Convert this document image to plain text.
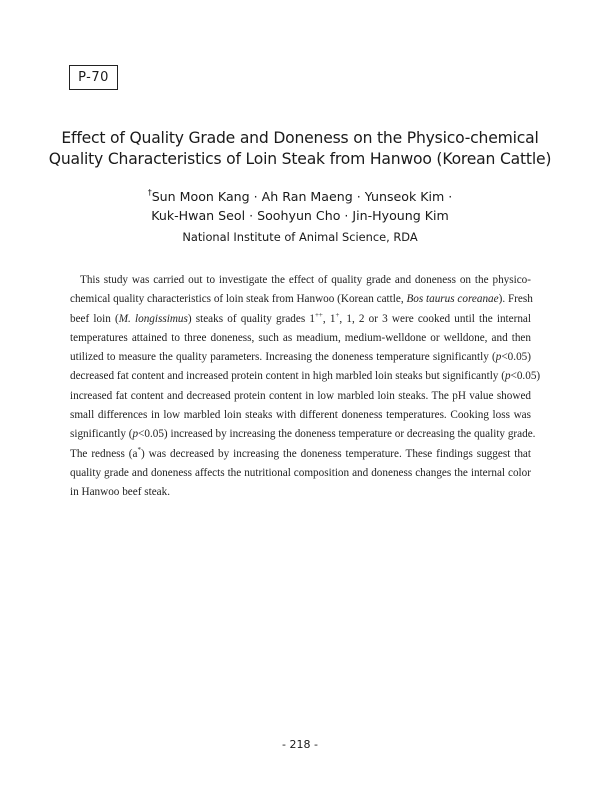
P-70
Effect of Quality Grade and Doneness on the Physico-chemical
Quality Characteristics of Loin Steak from Hanwoo (Korean Cattle)
†Sun Moon Kang · Ah Ran Maeng · Yunseok Kim ·
Kuk-Hwan Seol · Soohyun Cho · Jin-Hyoung Kim
National Institute of Animal Science, RDA
This study was carried out to investigate the effect of quality grade and doneness on the physico-
chemical quality characteristics of loin steak from Hanwoo (Korean cattle, Bos taurus coreanae). Fresh
beef loin (M. longissimus) steaks of quality grades 1++, 1+, 1, 2 or 3 were cooked until the internal
temperatures attained to three doneness, such as meadium, medium-welldone or welldone, and then
utilized to measure the quality parameters. Increasing the doneness temperature significantly (p<0.05)
decreased fat content and increased protein content in high marbled loin steaks but significantly (p<0.05)
increased fat content and decreased protein content in low marbled loin steaks. The pH value showed
small differences in low marbled loin steaks with different doneness temperatures. Cooking loss was
significantly (p<0.05) increased by increasing the doneness temperature or decreasing the quality grade.
The redness (a*) was decreased by increasing the doneness temperature. These findings suggest that
quality grade and doneness affects the nutritional composition and doneness changes the internal color
in Hanwoo beef steak.
- 218 -
